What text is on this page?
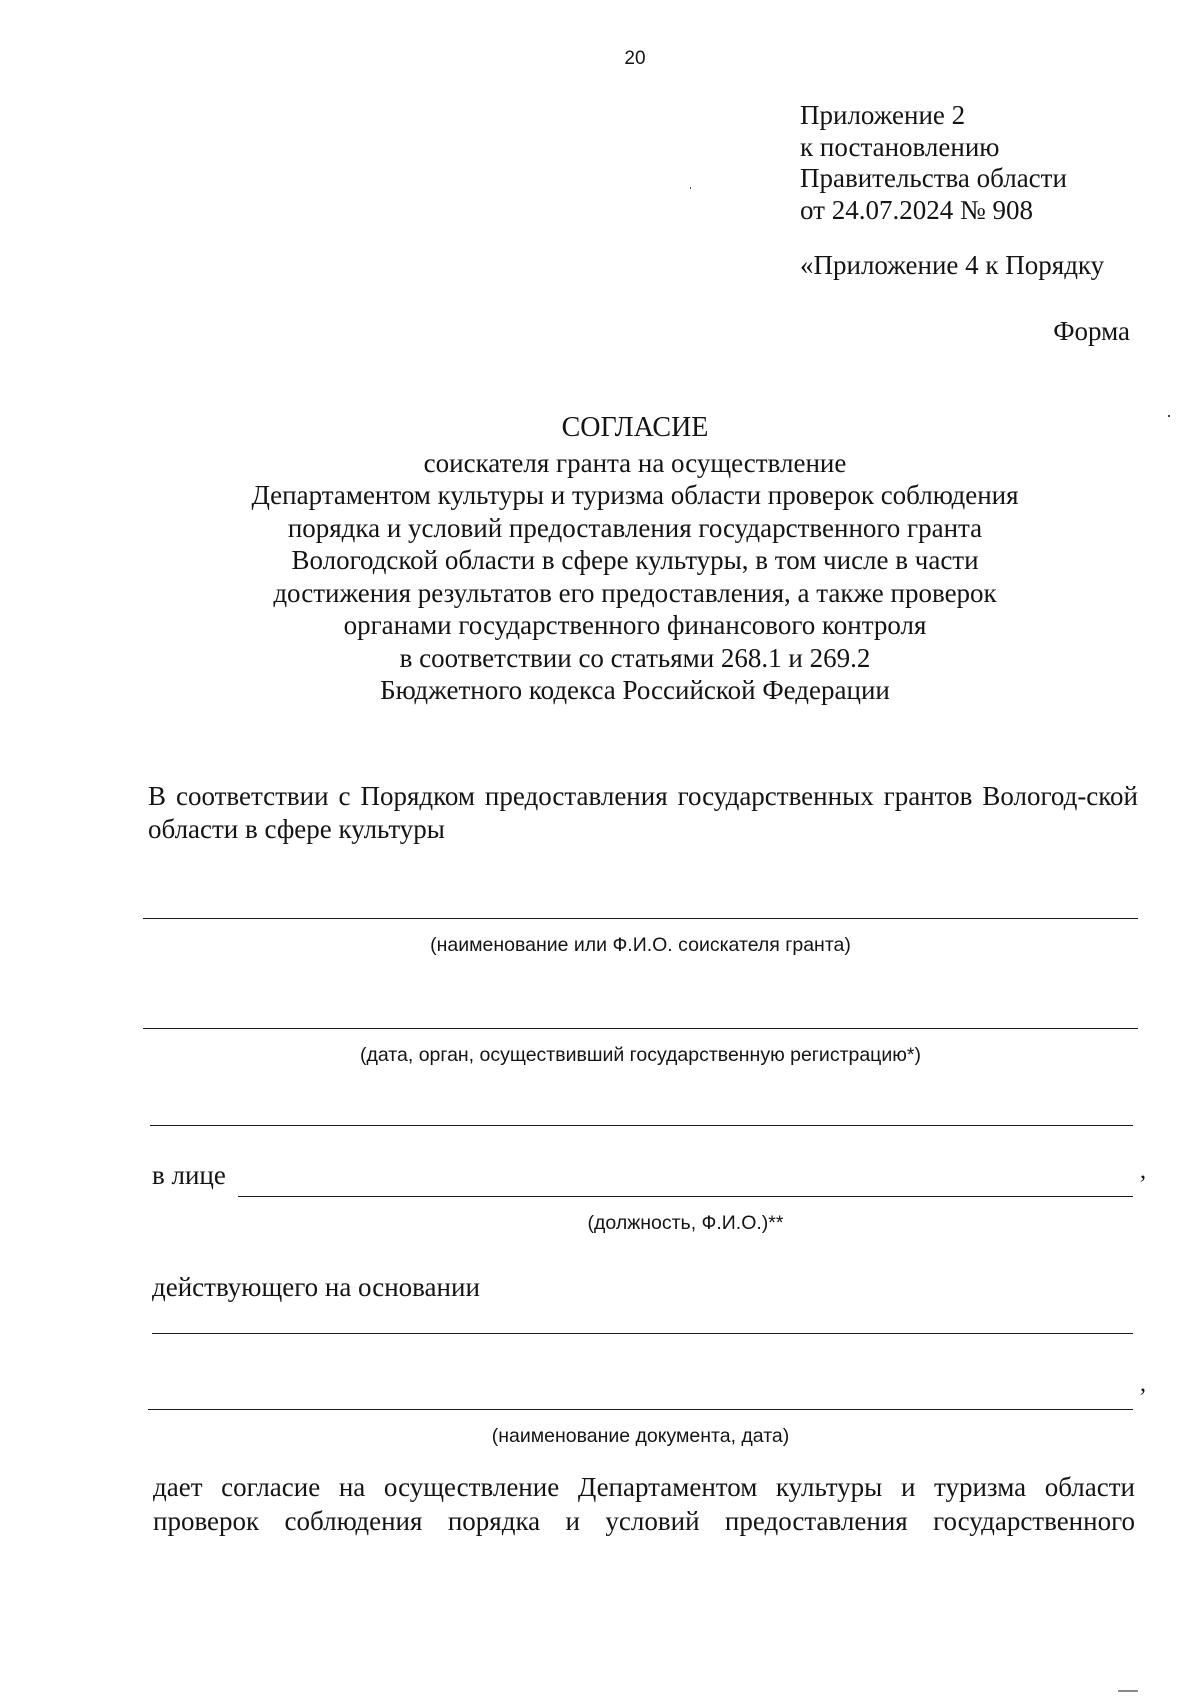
20
Приложение 2
к постановлению
Правительства области
от 24.07.2024 № 908
«Приложение 4 к Порядку
Форма
СОГЛАСИЕ
соискателя гранта на осуществление
Департаментом культуры и туризма области проверок соблюдения
порядка и условий предоставления государственного гранта
Вологодской области в сфере культуры, в том числе в части
достижения результатов его предоставления, а также проверок
органами государственного финансового контроля
в соответствии со статьями 268.1 и 269.2
Бюджетного кодекса Российской Федерации
В соответствии с Порядком предоставления государственных грантов Вологод-ской области в сфере культуры
(наименование или Ф.И.О. соискателя гранта)
(дата, орган, осуществивший государственную регистрацию*)
в лице	,
(должность, Ф.И.О.)**
действующего на основании
,
(наименование документа, дата)
дает согласие на осуществление Департаментом культуры и туризма области
проверок соблюдения порядка и условий предоставления государственного
